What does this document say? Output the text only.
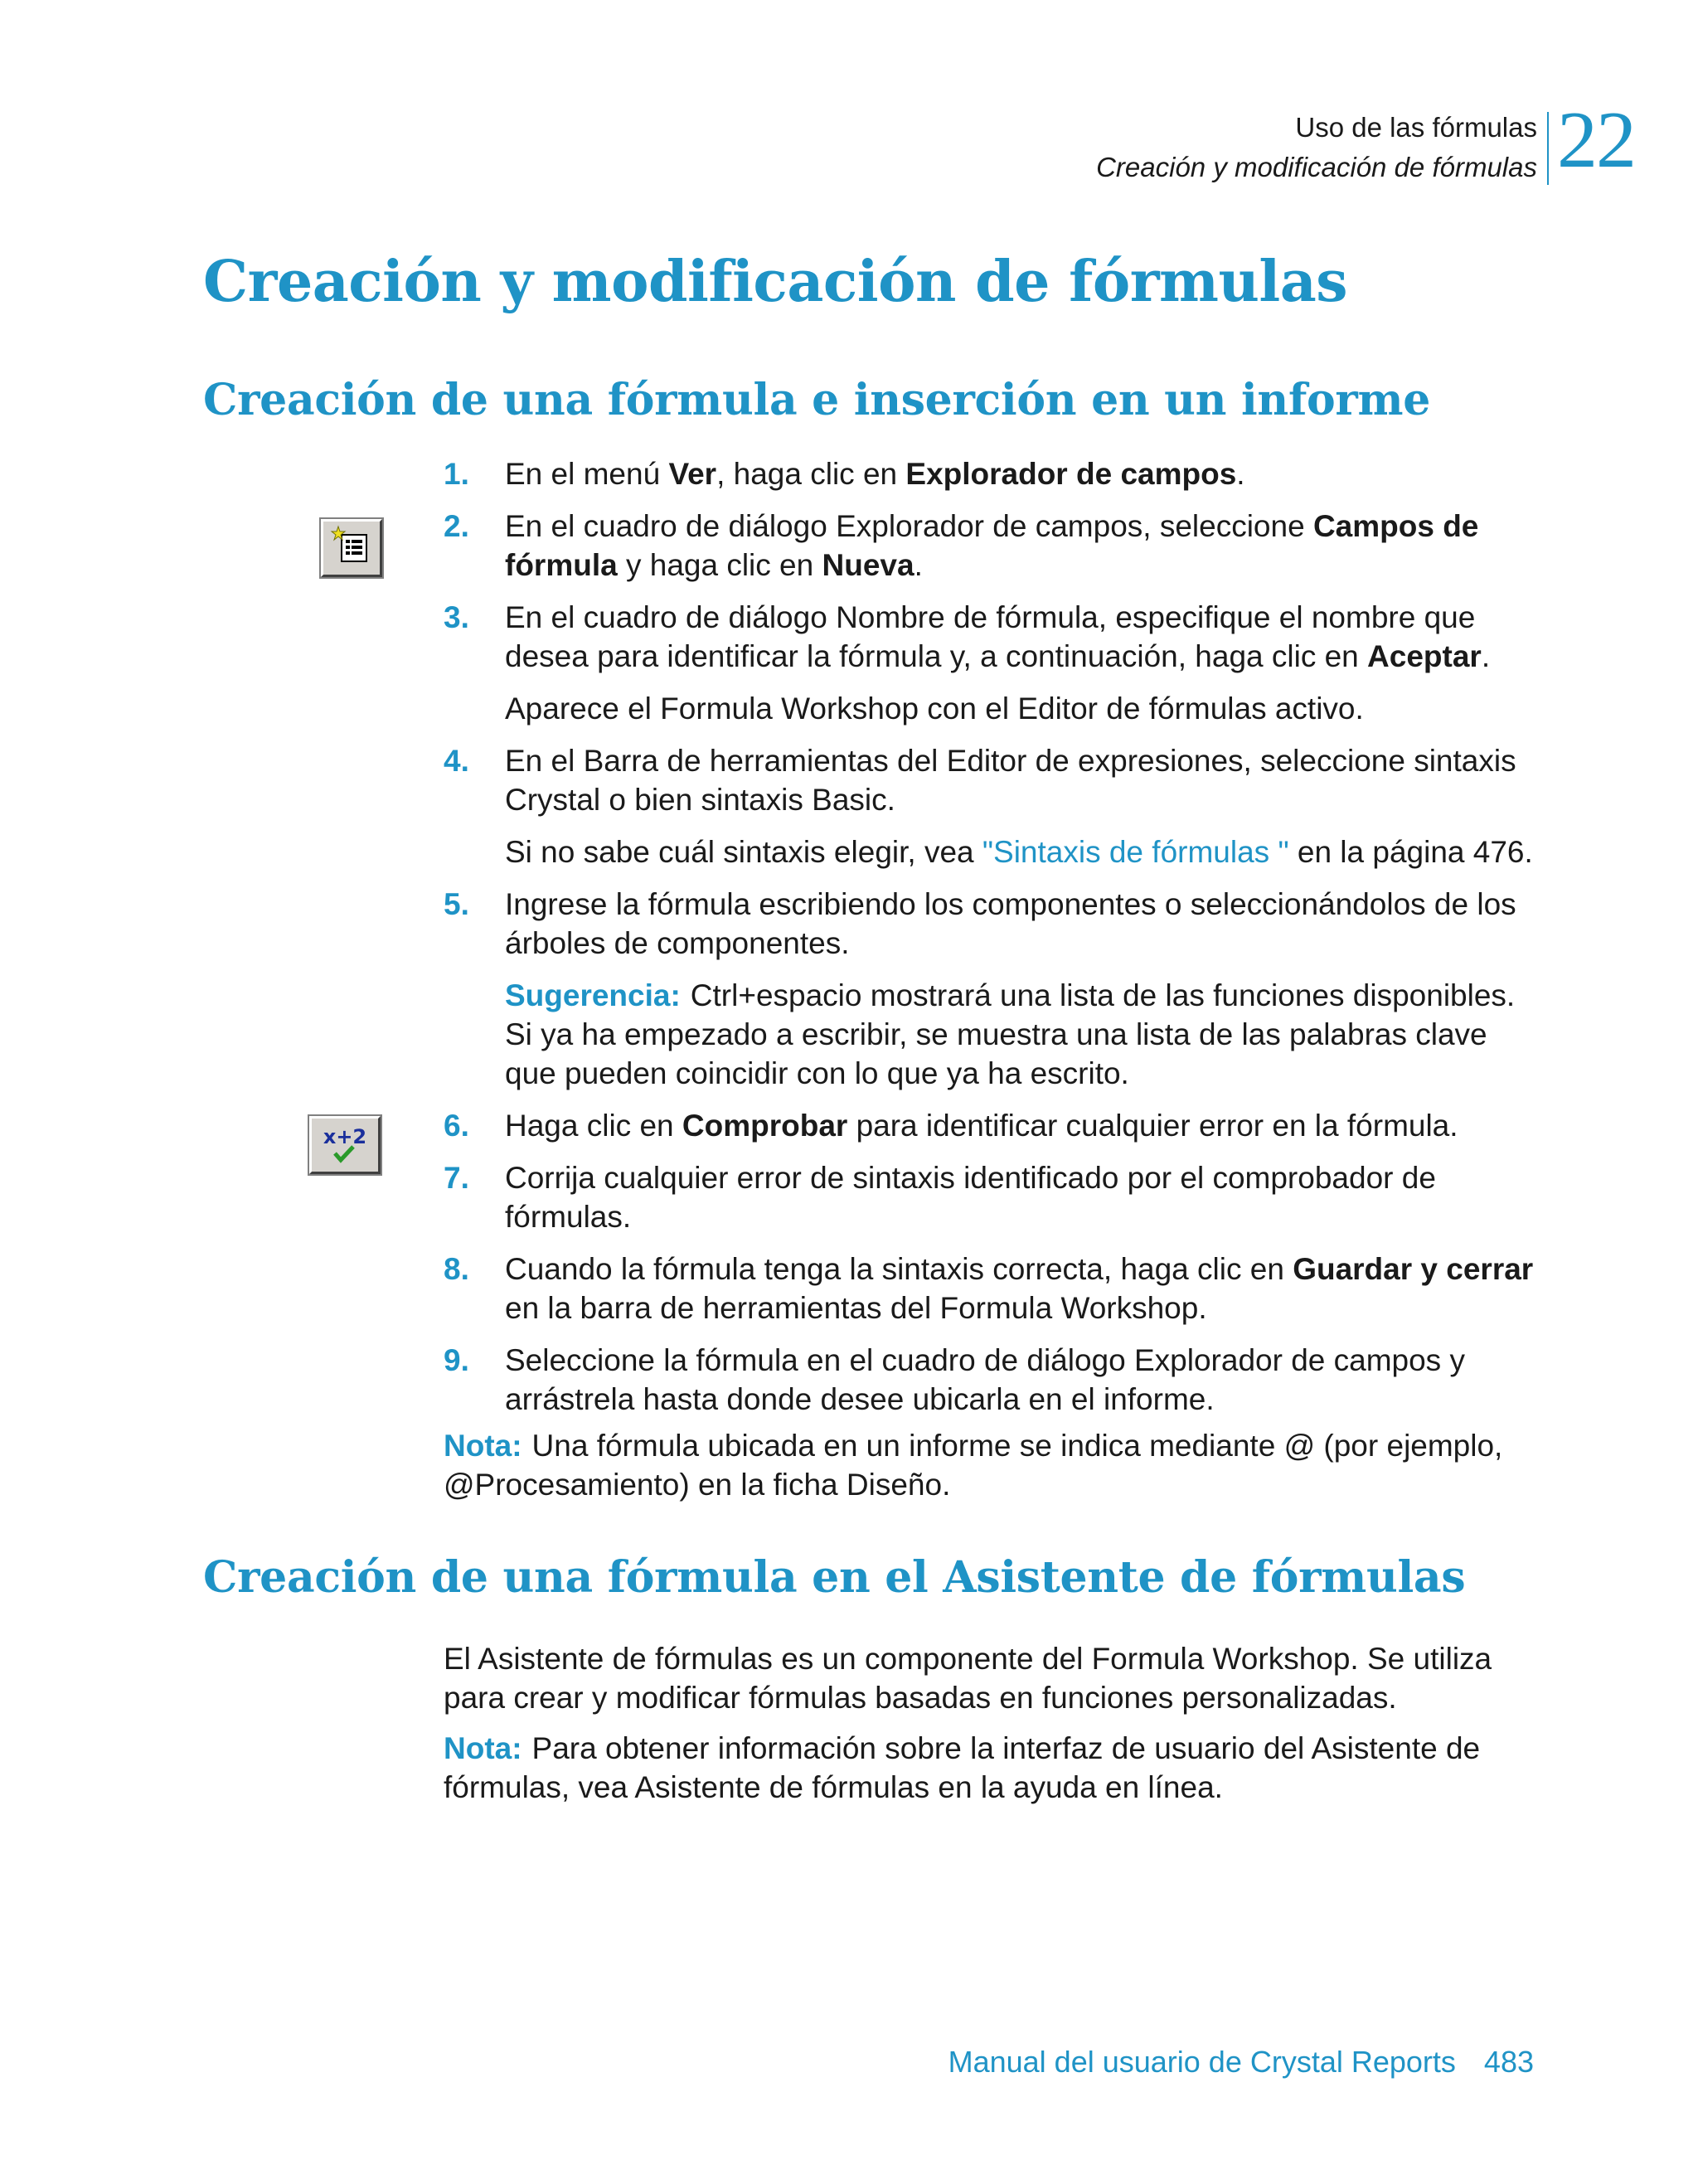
Uso de las fórmulas
Creación y modificación de fórmulas 22
Creación y modificación de fórmulas
Creación de una fórmula e inserción en un informe
x+2
1. En el menú Ver, haga clic en Explorador de campos.

2. En el cuadro de diálogo Explorador de campos, seleccione Campos de fórmula y haga clic en Nueva.

3. En el cuadro de diálogo Nombre de fórmula, especifique el nombre que desea para identificar la fórmula y, a continuación, haga clic en Aceptar.

Aparece el Formula Workshop con el Editor de fórmulas activo.

4. En el Barra de herramientas del Editor de expresiones, seleccione sintaxis Crystal o bien sintaxis Basic.

Si no sabe cuál sintaxis elegir, vea "Sintaxis de fórmulas " en la página 476.

5. Ingrese la fórmula escribiendo los componentes o seleccionándolos de los árboles de componentes.

Sugerencia: Ctrl+espacio mostrará una lista de las funciones disponibles. Si ya ha empezado a escribir, se muestra una lista de las palabras clave que pueden coincidir con lo que ya ha escrito.

6. Haga clic en Comprobar para identificar cualquier error en la fórmula.

7. Corrija cualquier error de sintaxis identificado por el comprobador de fórmulas.

8. Cuando la fórmula tenga la sintaxis correcta, haga clic en Guardar y cerrar en la barra de herramientas del Formula Workshop.

9. Seleccione la fórmula en el cuadro de diálogo Explorador de campos y arrástrela hasta donde desee ubicarla en el informe.

Nota: Una fórmula ubicada en un informe se indica mediante @ (por ejemplo, @Procesamiento) en la ficha Diseño.

Creación de una fórmula en el Asistente de fórmulas

El Asistente de fórmulas es un componente del Formula Workshop. Se utiliza para crear y modificar fórmulas basadas en funciones personalizadas.

Nota: Para obtener información sobre la interfaz de usuario del Asistente de fórmulas, vea Asistente de fórmulas en la ayuda en línea.

Manual del usuario de Crystal Reports 483
